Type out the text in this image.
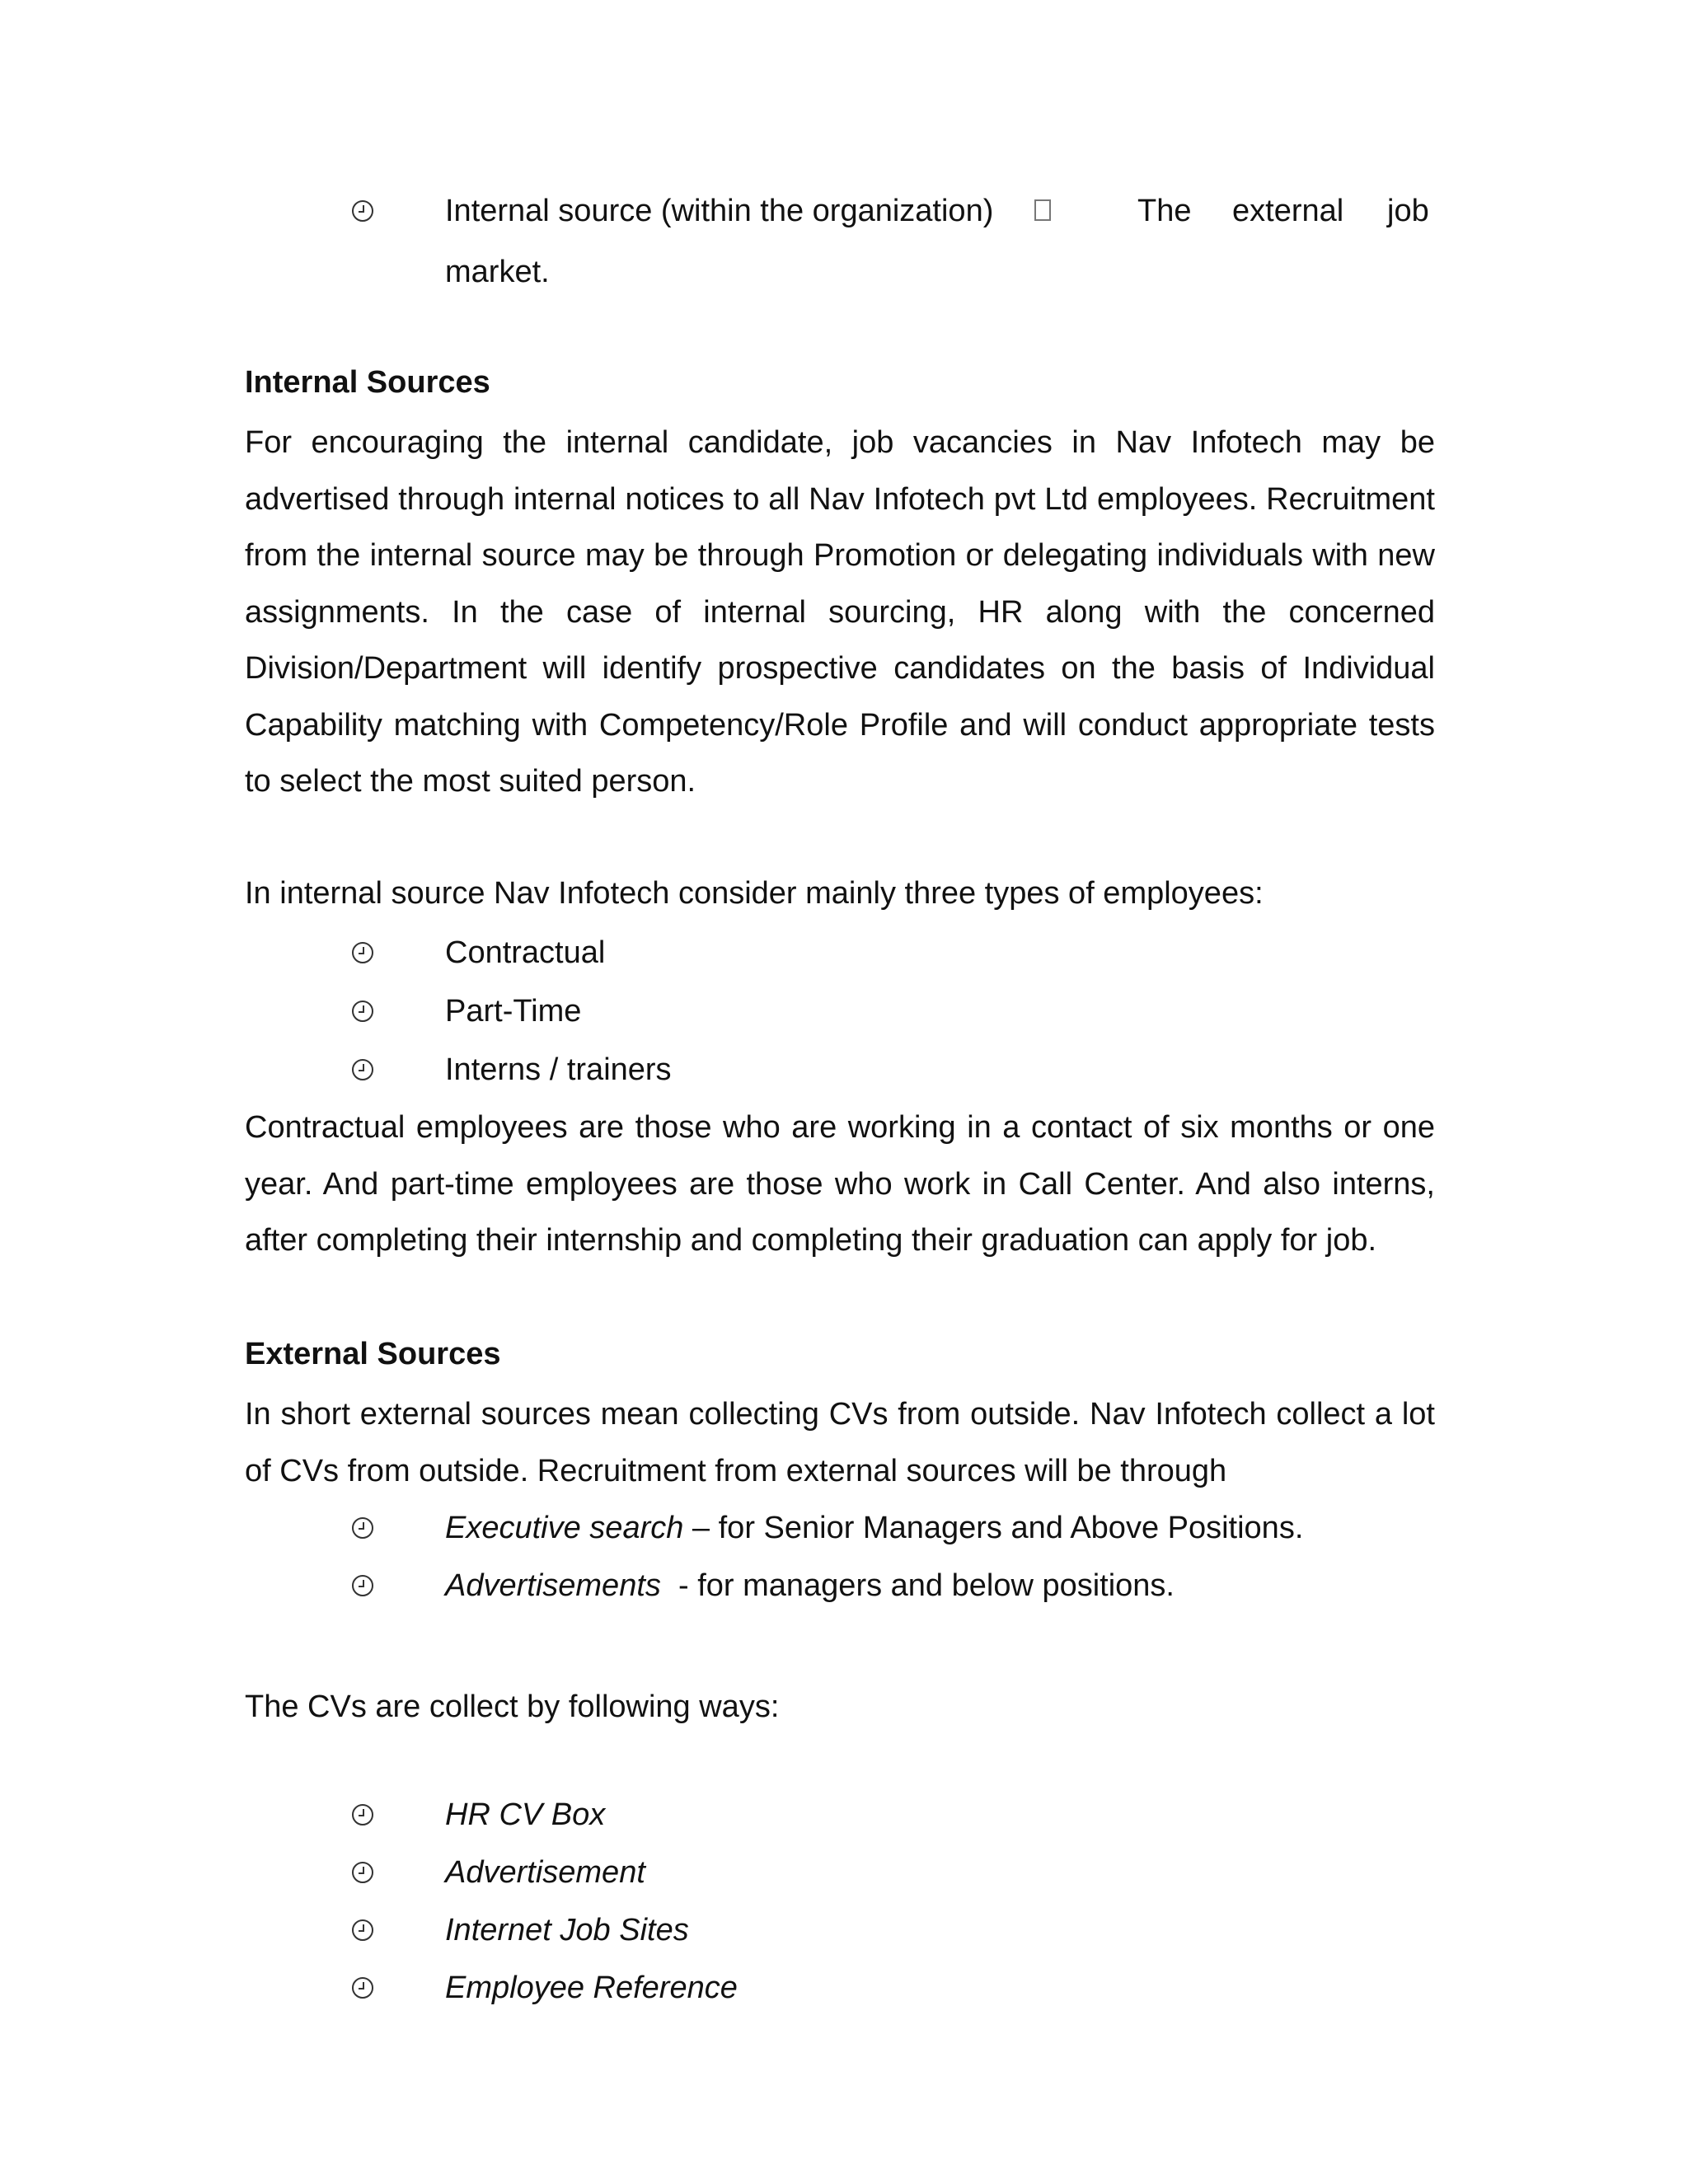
Internal source (within the organization)	The external job
market.
Internal Sources
For encouraging the internal candidate, job vacancies in Nav Infotech may be advertised through internal notices to all Nav Infotech pvt Ltd employees. Recruitment from the internal source may be through Promotion or delegating individuals with new assignments. In the case of internal sourcing, HR along with the concerned Division/Department will identify prospective candidates on the basis of Individual Capability matching with Competency/Role Profile and will conduct appropriate tests to select the most suited person.
In internal source Nav Infotech consider mainly three types of employees:
Contractual
Part-Time
Interns / trainers
Contractual employees are those who are working in a contact of six months or one year. And part-time employees are those who work in Call Center. And also interns, after completing their internship and completing their graduation can apply for job.
External Sources
In short external sources mean collecting CVs from outside. Nav Infotech collect a lot of CVs from outside. Recruitment from external sources will be through
Executive search – for Senior Managers and Above Positions.
Advertisements  - for managers and below positions.
The CVs are collect by following ways:
HR CV Box
Advertisement
Internet Job Sites
Employee Reference
